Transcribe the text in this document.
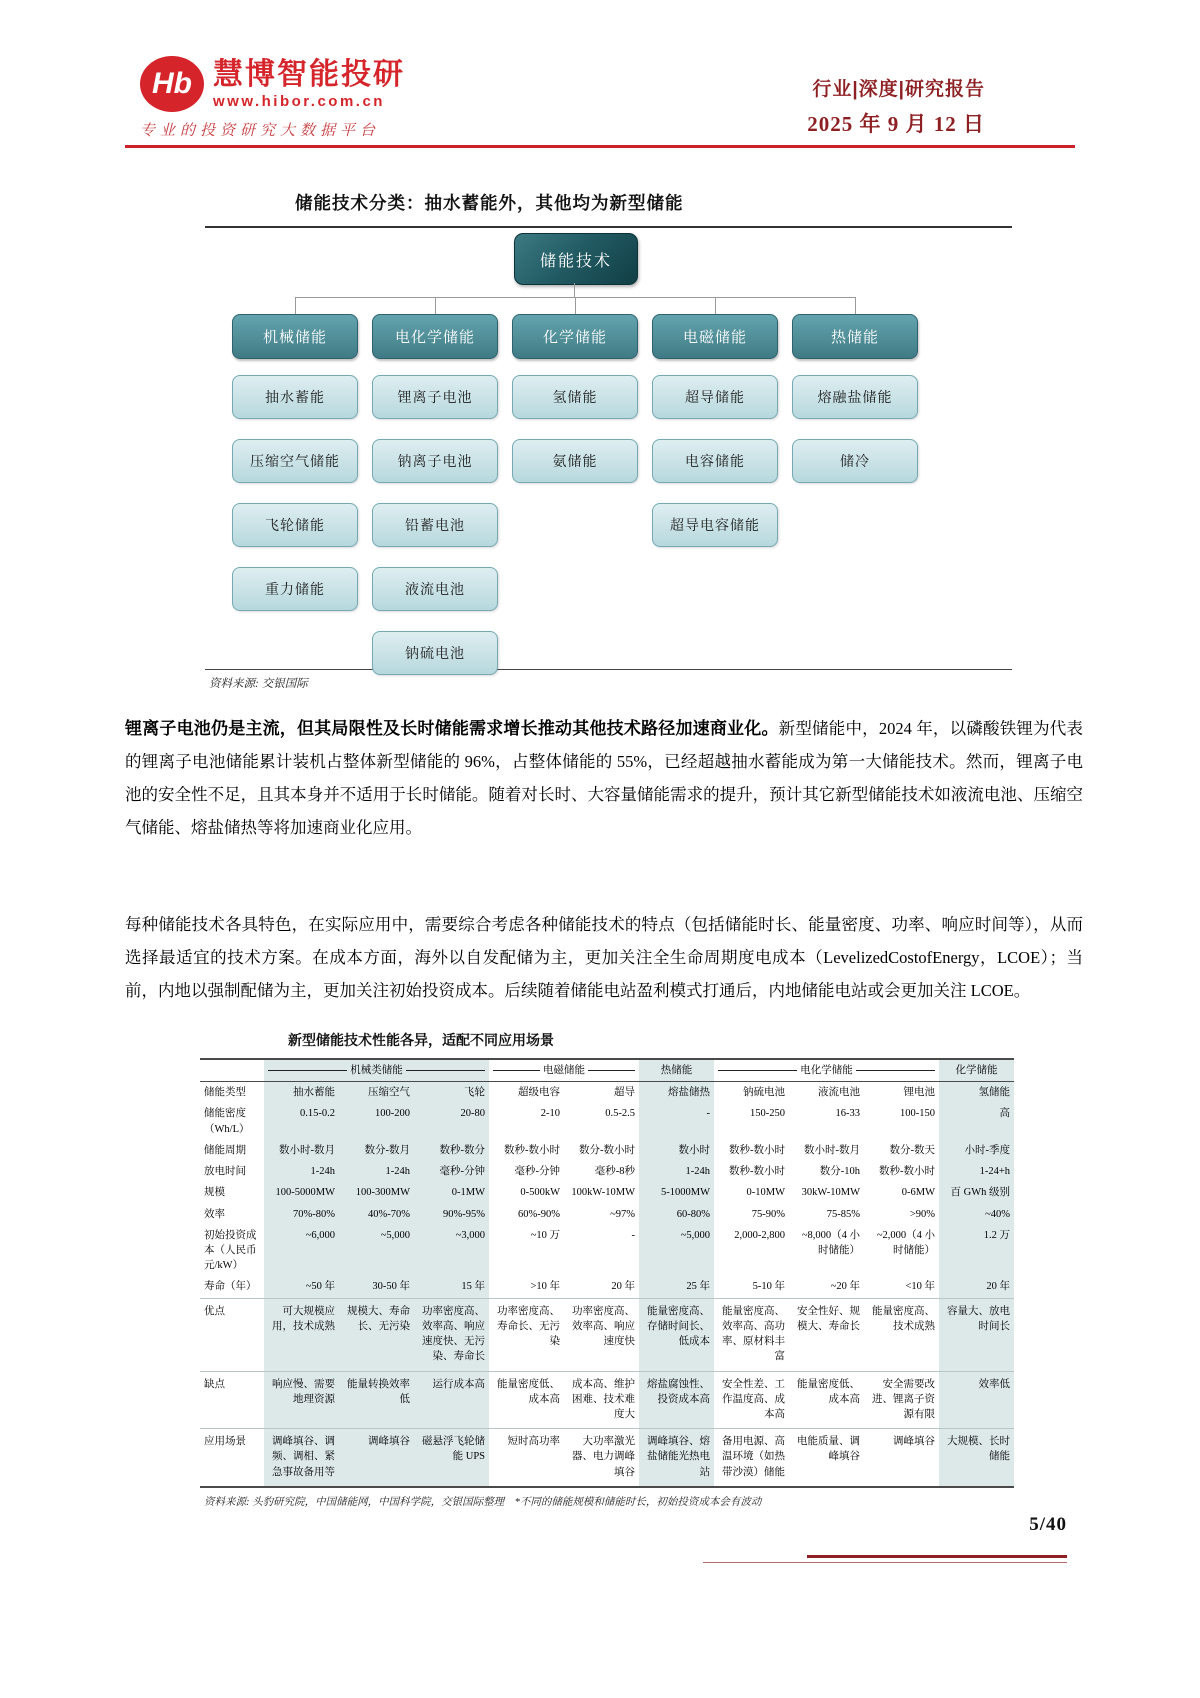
Hb 慧博智能投研
www.hibor.com.cn
专业的投资研究大数据平台
行业|深度|研究报告
2025 年 9 月 12 日
储能技术分类：抽水蓄能外，其他均为新型储能
储能技术
机械储能
抽水蓄能
压缩空气储能
飞轮储能
重力储能
电化学储能
锂离子电池
钠离子电池
铅蓄电池
液流电池
钠硫电池
化学储能
氢储能
氨储能
电磁储能
超导储能
电容储能
超导电容储能
热储能
熔融盐储能
储冷
资料来源: 交银国际
锂离子电池仍是主流，但其局限性及长时储能需求增长推动其他技术路径加速商业化。新型储能中，2024 年，以磷酸铁锂为代表的锂离子电池储能累计装机占整体新型储能的 96%，占整体储能的 55%，已经超越抽水蓄能成为第一大储能技术。然而，锂离子电池的安全性不足，且其本身并不适用于长时储能。随着对长时、大容量储能需求的提升，预计其它新型储能技术如液流电池、压缩空气储能、熔盐储热等将加速商业化应用。
每种储能技术各具特色，在实际应用中，需要综合考虑各种储能技术的特点（包括储能时长、能量密度、功率、响应时间等），从而选择最适宜的技术方案。在成本方面，海外以自发配储为主，更加关注全生命周期度电成本（LevelizedCostofEnergy，LCOE）；当前，内地以强制配储为主，更加关注初始投资成本。后续随着储能电站盈利模式打通后，内地储能电站或会更加关注 LCOE。
新型储能技术性能各异，适配不同应用场景

	机械类储能			电磁储能		热储能	电化学储能			化学储能
储能类型	抽水蓄能	压缩空气	飞轮	超级电容	超导	熔盐储热	钠硫电池	液流电池	锂电池	氢储能
储能密度（Wh/L）	0.15-0.2	100-200	20-80	2-10	0.5-2.5	-	150-250	16-33	100-150	高
储能周期	数小时-数月	数分-数月	数秒-数分	数秒-数小时	数分-数小时	数小时	数秒-数小时	数小时-数月	数分-数天	小时-季度
放电时间	1-24h	1-24h	毫秒-分钟	毫秒-分钟	毫秒-8秒	1-24h	数秒-数小时	数分-10h	数秒-数小时	1-24+h
规模	100-5000MW	100-300MW	0-1MW	0-500kW	100kW-10MW	5-1000MW	0-10MW	30kW-10MW	0-6MW	百 GWh 级别
效率	70%-80%	40%-70%	90%-95%	60%-90%	~97%	60-80%	75-90%	75-85%	>90%	~40%
初始投资成本（人民币元/kW）	~6,000	~5,000	~3,000	~10 万	-	~5,000	2,000-2,800	~8,000（4 小时储能）	~2,000（4 小时储能）	1.2 万
寿命（年）	~50 年	30-50 年	15 年	>10 年	20 年	25 年	5-10 年	~20 年	<10 年	20 年
优点	可大规模应用，技术成熟	规模大、寿命长、无污染	功率密度高、效率高、响应速度快、无污染、寿命长	功率密度高、寿命长、无污染	功率密度高、效率高、响应速度快	能量密度高、存储时间长、低成本	能量密度高、效率高、高功率、原材料丰富	安全性好、规模大、寿命长	能量密度高、技术成熟	容量大、放电时间长
缺点	响应慢、需要地理资源	能量转换效率低	运行成本高	能量密度低、成本高	成本高、维护困难、技术难度大	熔盐腐蚀性、投资成本高	安全性差、工作温度高、成本高	能量密度低、成本高	安全需要改进、锂离子资源有限	效率低
应用场景	调峰填谷、调频、调相、紧急事故备用等	调峰填谷	磁悬浮飞轮储能 UPS	短时高功率	大功率激光器、电力调峰填谷	调峰填谷、熔盐储能光热电站	备用电源、高温环境（如热带沙漠）储能	电能质量、调峰填谷	调峰填谷	大规模、长时储能
资料来源: 头豹研究院，中国储能网，中国科学院，交银国际整理　*不同的储能规模和储能时长，初始投资成本会有波动
5/40
